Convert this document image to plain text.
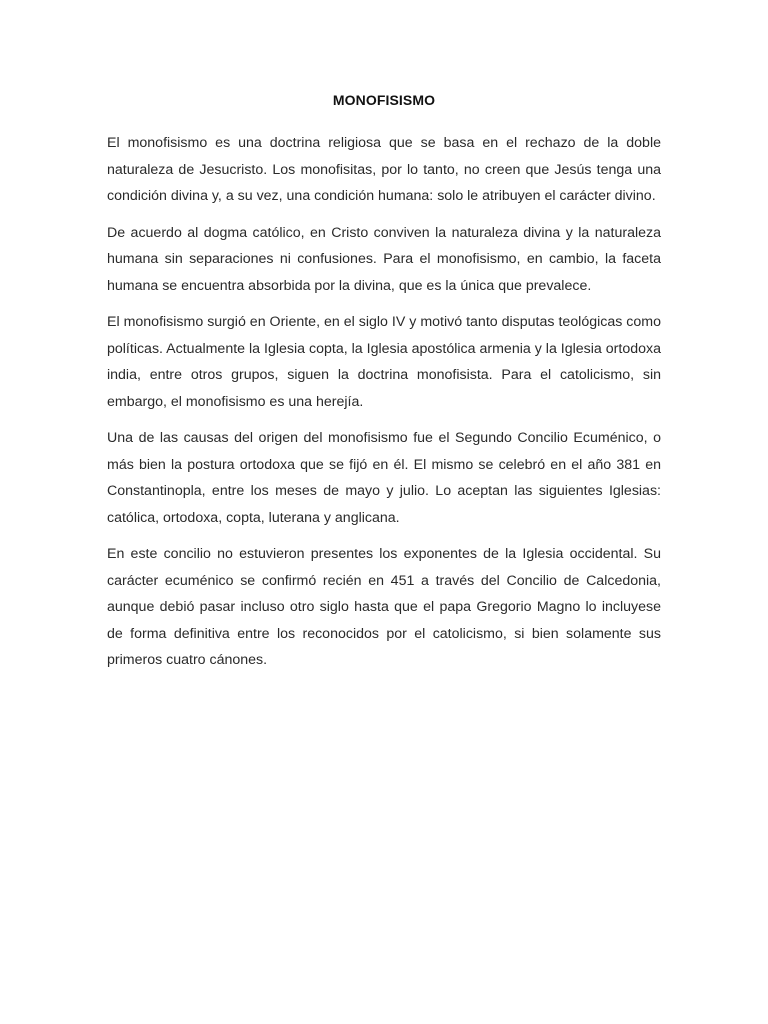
MONOFISISMO

El monofisismo es una doctrina religiosa que se basa en el rechazo de la doble naturaleza de Jesucristo. Los monofisitas, por lo tanto, no creen que Jesús tenga una condición divina y, a su vez, una condición humana: solo le atribuyen el carácter divino.

De acuerdo al dogma católico, en Cristo conviven la naturaleza divina y la naturaleza humana sin separaciones ni confusiones. Para el monofisismo, en cambio, la faceta humana se encuentra absorbida por la divina, que es la única que prevalece.

El monofisismo surgió en Oriente, en el siglo IV y motivó tanto disputas teológicas como políticas. Actualmente la Iglesia copta, la Iglesia apostólica armenia y la Iglesia ortodoxa india, entre otros grupos, siguen la doctrina monofisista. Para el catolicismo, sin embargo, el monofisismo es una herejía.

Una de las causas del origen del monofisismo fue el Segundo Concilio Ecuménico, o más bien la postura ortodoxa que se fijó en él. El mismo se celebró en el año 381 en Constantinopla, entre los meses de mayo y julio. Lo aceptan las siguientes Iglesias: católica, ortodoxa, copta, luterana y anglicana.

En este concilio no estuvieron presentes los exponentes de la Iglesia occidental. Su carácter ecuménico se confirmó recién en 451 a través del Concilio de Calcedonia, aunque debió pasar incluso otro siglo hasta que el papa Gregorio Magno lo incluyese de forma definitiva entre los reconocidos por el catolicismo, si bien solamente sus primeros cuatro cánones.
